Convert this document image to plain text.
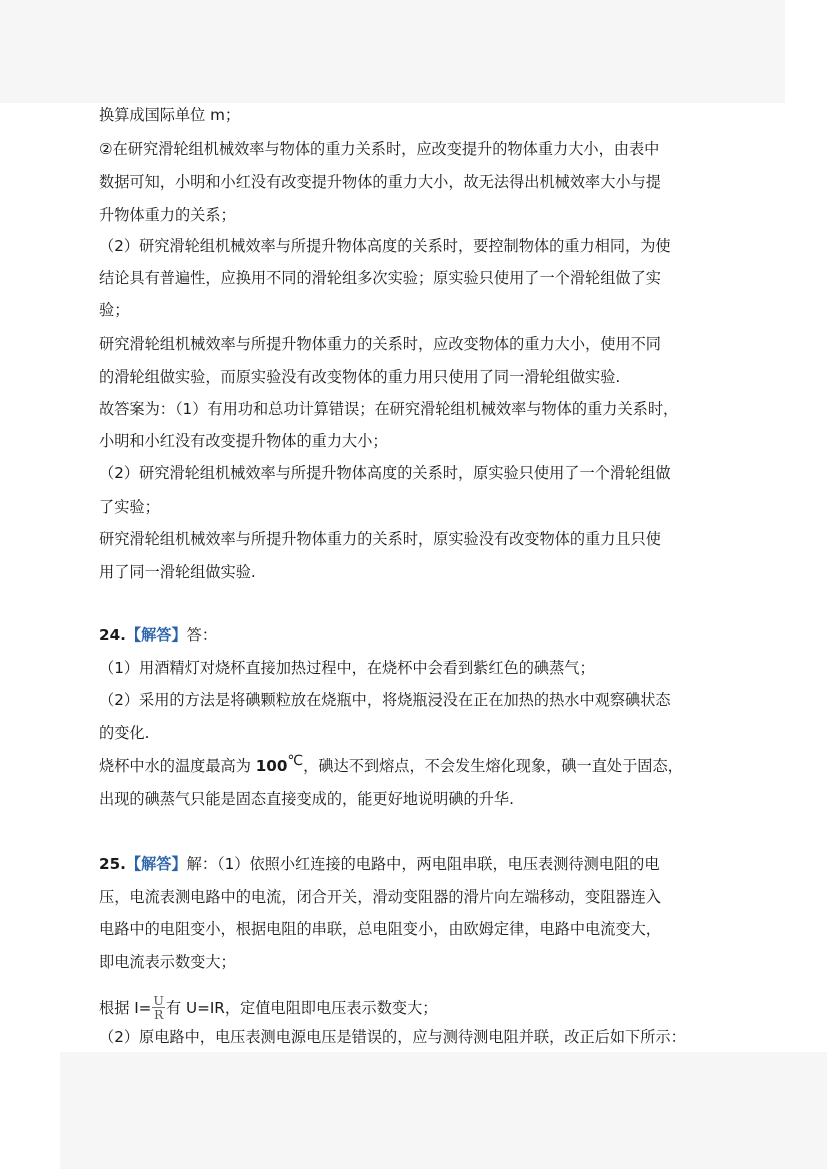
换算成国际单位 m；
②在研究滑轮组机械效率与物体的重力关系时，应改变提升的物体重力大小，由表中
数据可知，小明和小红没有改变提升物体的重力大小，故无法得出机械效率大小与提
升物体重力的关系；
（2）研究滑轮组机械效率与所提升物体高度的关系时，要控制物体的重力相同，为使
结论具有普遍性，应换用不同的滑轮组多次实验；原实验只使用了一个滑轮组做了实
验；
研究滑轮组机械效率与所提升物体重力的关系时，应改变物体的重力大小，使用不同
的滑轮组做实验，而原实验没有改变物体的重力用只使用了同一滑轮组做实验.
故答案为：（1）有用功和总功计算错误；在研究滑轮组机械效率与物体的重力关系时，
小明和小红没有改变提升物体的重力大小；
（2）研究滑轮组机械效率与所提升物体高度的关系时，原实验只使用了一个滑轮组做
了实验；
研究滑轮组机械效率与所提升物体重力的关系时，原实验没有改变物体的重力且只使
用了同一滑轮组做实验.
24.【解答】答：
（1）用酒精灯对烧杯直接加热过程中，在烧杯中会看到紫红色的碘蒸气；
（2）采用的方法是将碘颗粒放在烧瓶中，将烧瓶浸没在正在加热的热水中观察碘状态
的变化.
烧杯中水的温度最高为 100℃，碘达不到熔点，不会发生熔化现象，碘一直处于固态，
出现的碘蒸气只能是固态直接变成的，能更好地说明碘的升华.
25.【解答】解：（1）依照小红连接的电路中，两电阻串联，电压表测待测电阻的电
压，电流表测电路中的电流，闭合开关，滑动变阻器的滑片向左端移动，变阻器连入
电路中的电阻变小，根据电阻的串联，总电阻变小，由欧姆定律，电路中电流变大，
即电流表示数变大；
根据 $I= \frac{U}{R}$ 有 U=IR，定值电阻即电压表示数变大；
（2）原电路中，电压表测电源电压是错误的，应与测待测电阻并联，改正后如下所示：
